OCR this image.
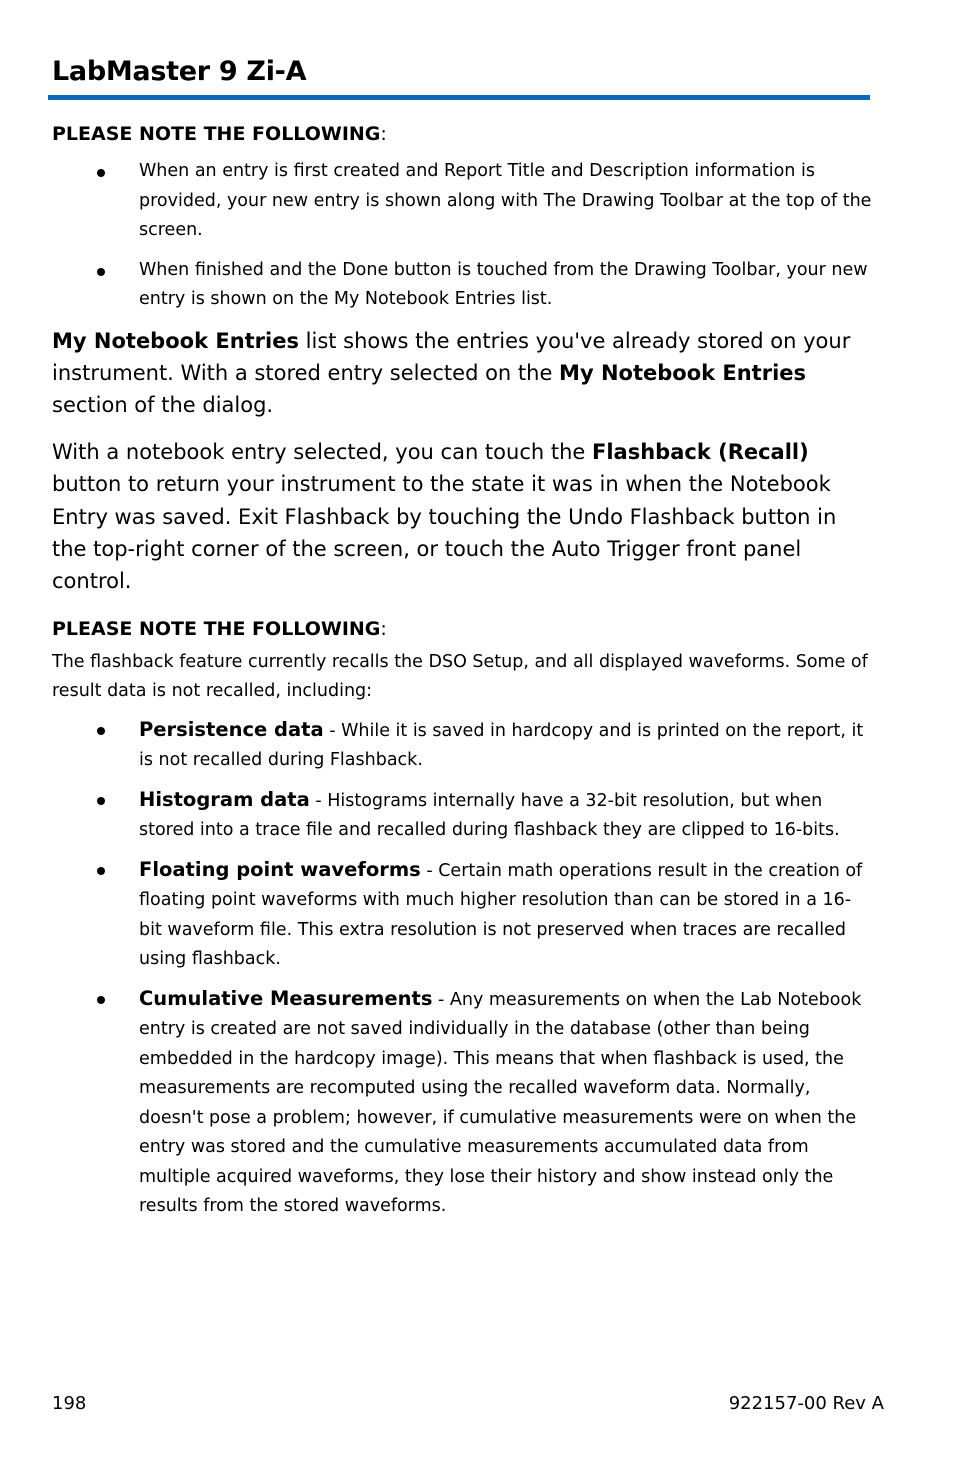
LabMaster 9 Zi-A

PLEASE NOTE THE FOLLOWING:

When an entry is first created and Report Title and Description information is provided, your new entry is shown along with The Drawing Toolbar at the top of the screen.
When finished and the Done button is touched from the Drawing Toolbar, your new entry is shown on the My Notebook Entries list.

My Notebook Entries list shows the entries you've already stored on your instrument. With a stored entry selected on the My Notebook Entries section of the dialog.

With a notebook entry selected, you can touch the Flashback (Recall) button to return your instrument to the state it was in when the Notebook Entry was saved. Exit Flashback by touching the Undo Flashback button in the top-right corner of the screen, or touch the Auto Trigger front panel control.

PLEASE NOTE THE FOLLOWING:

The flashback feature currently recalls the DSO Setup, and all displayed waveforms. Some of result data is not recalled, including:

Persistence data - While it is saved in hardcopy and is printed on the report, it is not recalled during Flashback.
Histogram data - Histograms internally have a 32-bit resolution, but when stored into a trace file and recalled during flashback they are clipped to 16-bits.
Floating point waveforms - Certain math operations result in the creation of floating point waveforms with much higher resolution than can be stored in a 16-bit waveform file. This extra resolution is not preserved when traces are recalled using flashback.
Cumulative Measurements - Any measurements on when the Lab Notebook entry is created are not saved individually in the database (other than being embedded in the hardcopy image). This means that when flashback is used, the measurements are recomputed using the recalled waveform data. Normally, doesn't pose a problem; however, if cumulative measurements were on when the entry was stored and the cumulative measurements accumulated data from multiple acquired waveforms, they lose their history and show instead only the results from the stored waveforms.
198	922157-00 Rev A
